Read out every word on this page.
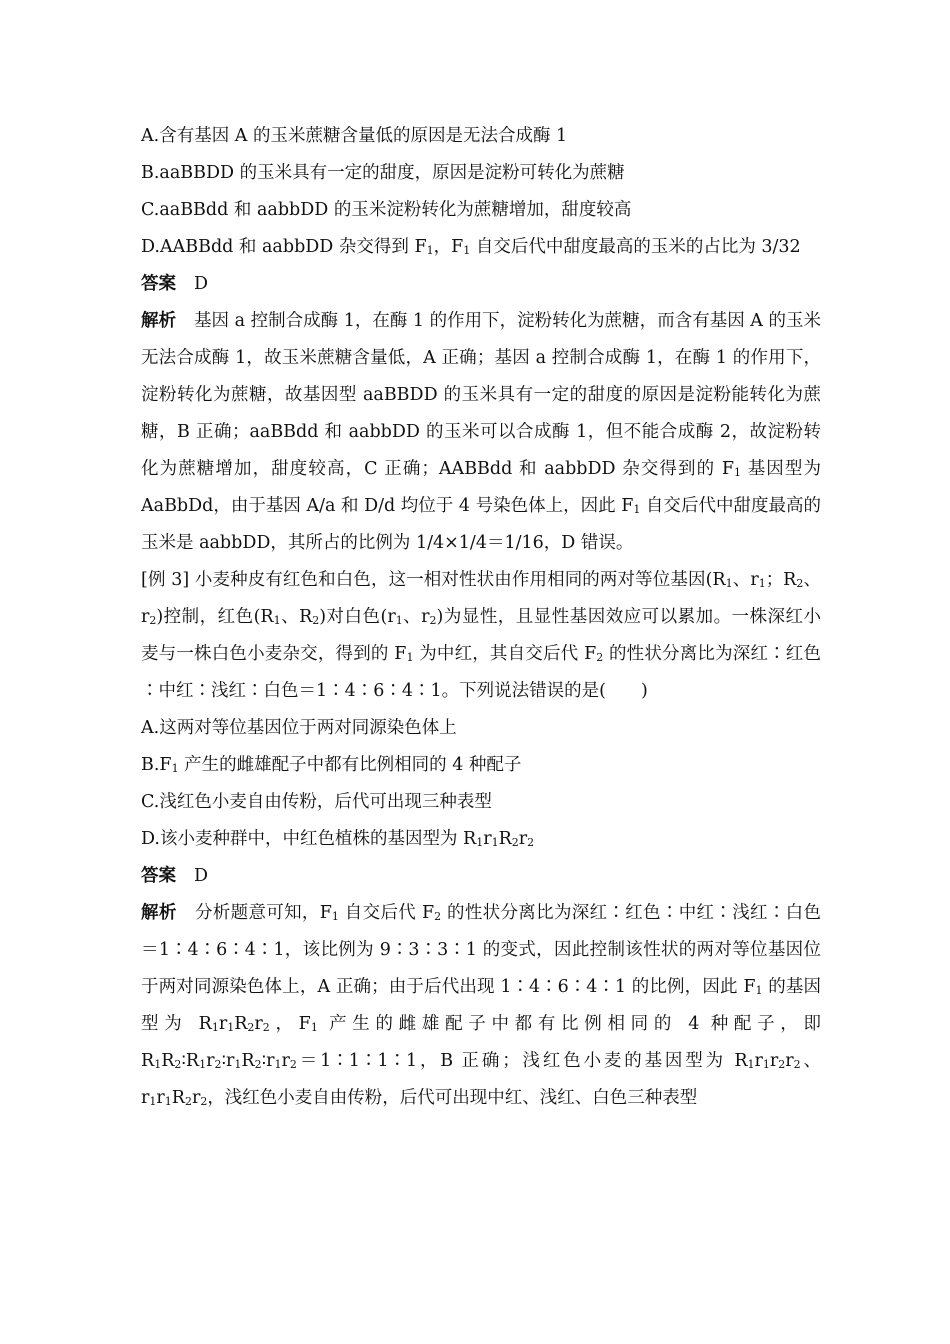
A.含有基因 A 的玉米蔗糖含量低的原因是无法合成酶 1
B.aaBBDD 的玉米具有一定的甜度，原因是淀粉可转化为蔗糖
C.aaBBdd 和 aabbDD 的玉米淀粉转化为蔗糖增加，甜度较高
D.AABBdd 和 aabbDD 杂交得到 $F_1$，$F_1$ 自交后代中甜度最高的玉米的占比为 3/32
答案 D
解析 基因 a 控制合成酶 1，在酶 1 的作用下，淀粉转化为蔗糖，而含有基因 A 的玉米无法合成酶 1，故玉米蔗糖含量低，A 正确；基因 a 控制合成酶 1，在酶 1 的作用下，淀粉转化为蔗糖，故基因型 aaBBDD 的玉米具有一定的甜度的原因是淀粉能转化为蔗糖，B 正确；aaBBdd 和 aabbDD 的玉米可以合成酶 1，但不能合成酶 2，故淀粉转化为蔗糖增加，甜度较高，C 正确；AABBdd 和 aabbDD 杂交得到的 $F_1$ 基因型为 AaBbDd，由于基因 A/a 和 D/d 均位于 4 号染色体上，因此 $F_1$ 自交后代中甜度最高的玉米是 aabbDD，其所占的比例为 1/4×1/4＝1/16，D 错误。
[例 3] 小麦种皮有红色和白色，这一相对性状由作用相同的两对等位基因($R_1$、$r_1$；$R_2$、$r_2$)控制，红色($R_1$、$R_2$)对白色($r_1$、$r_2$)为显性，且显性基因效应可以累加。一株深红小麦与一株白色小麦杂交，得到的 $F_1$ 为中红，其自交后代 $F_2$ 的性状分离比为深红∶红色∶中红∶浅红∶白色＝1∶4∶6∶4∶1。下列说法错误的是(　　)
A.这两对等位基因位于两对同源染色体上
$B.F_1$ 产生的雌雄配子中都有比例相同的 4 种配子
C.浅红色小麦自由传粉，后代可出现三种表型
D.该小麦种群中，中红色植株的基因型为 $R_1r_1R_2r_2$
答案 D
解析 分析题意可知，$F_1$ 自交后代 $F_2$ 的性状分离比为深红∶红色∶中红∶浅红∶白色＝1∶4∶6∶4∶1，该比例为 9∶3∶3∶1 的变式，因此控制该性状的两对等位基因位于两对同源染色体上，A 正确；由于后代出现 1∶4∶6∶4∶1 的比例，因此 $F_1$ 的基因型为 $R_1r_1R_2r_2$，$F_1$ 产生的雌雄配子中都有比例相同的 4 种配子，即 $R_1R_2∶R_1r_2∶r_1R_2∶r_1r_2=1∶1∶1∶1$，B 正确；浅红色小麦的基因型为 $R_1r_1r_2r_2$、$r_1r_1R_2r_2$，浅红色小麦自由传粉，后代可出现中红、浅红、白色三种表型
